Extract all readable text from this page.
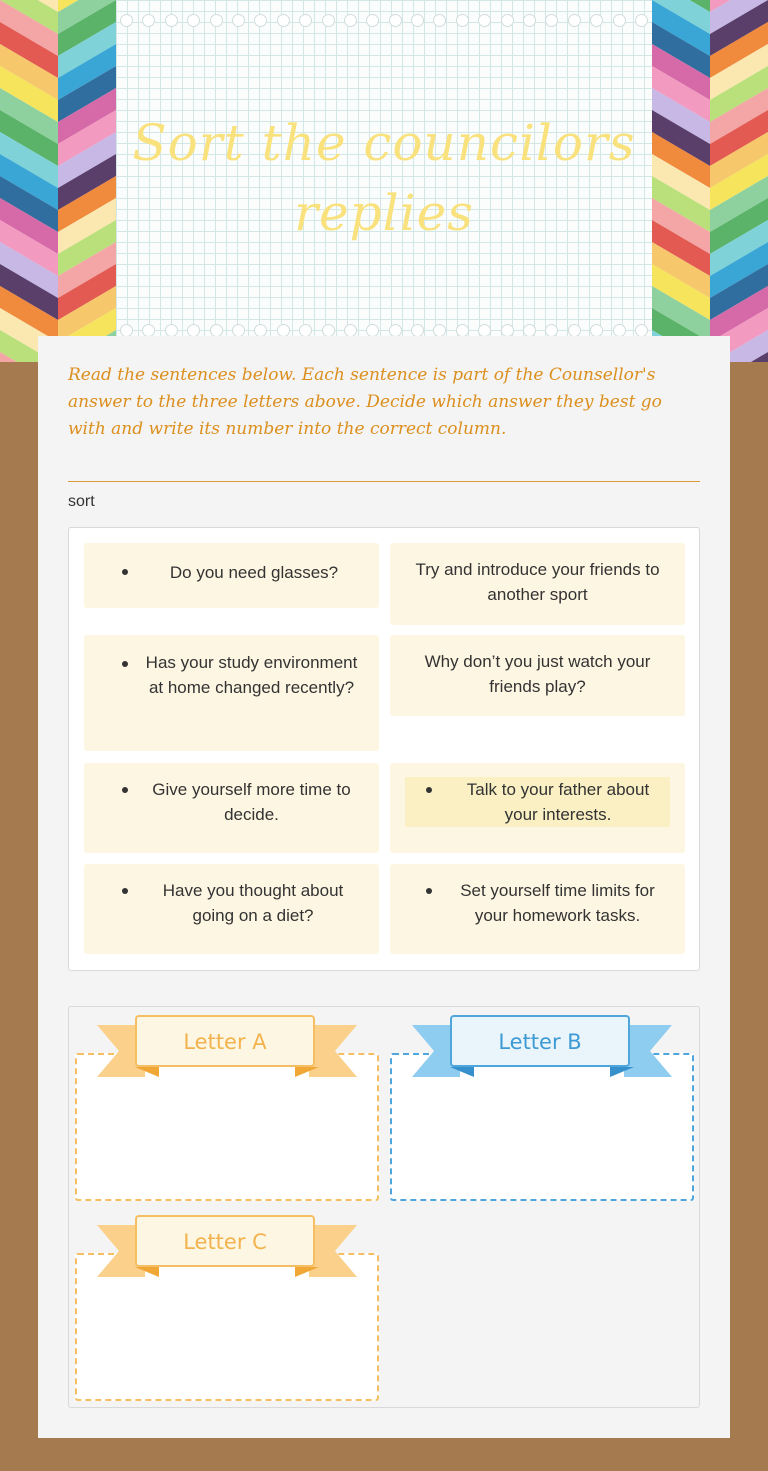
Sort the councilors replies

Read the sentences below. Each sentence is part of the Counsellor's answer to the three letters above. Decide which answer they best go with and write its number into the correct column.

sort
Do you need glasses?	Try and introduce your friends to another sport
Has your study environment at home changed recently?
Why don’t you just watch your friends play?
Give yourself more time to decide.
Talk to your father about your interests.
Have you thought about going on a diet?
Set yourself time limits for your homework tasks.
Letter A	Letter B
Letter C
